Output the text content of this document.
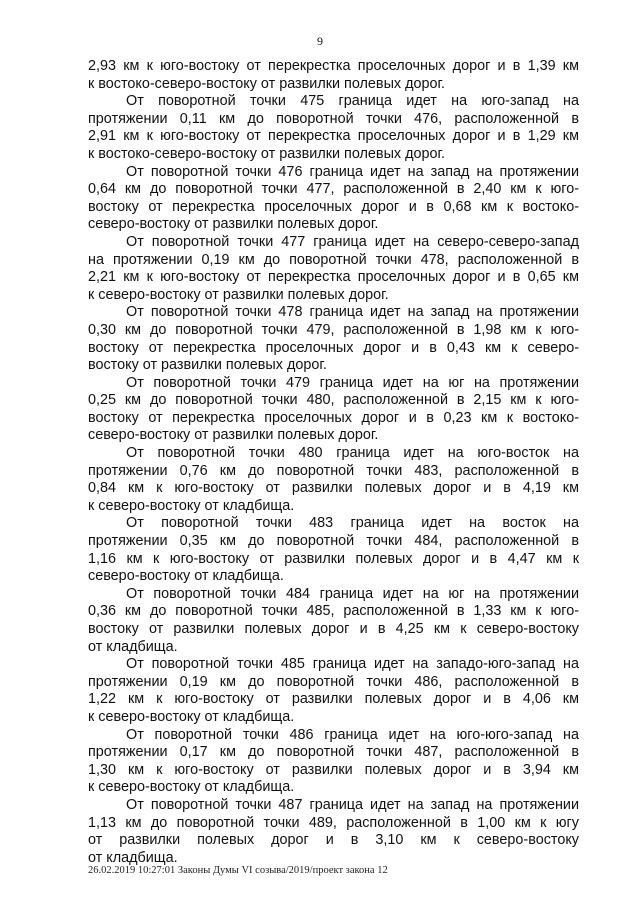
9
2,93 км к юго-востоку от перекрестка проселочных дорог и в 1,39 км
к востоко-северо-востоку от развилки полевых дорог.
От поворотной точки 475 граница идет на юго-запад на
протяжении 0,11 км до поворотной точки 476, расположенной в
2,91 км к юго-востоку от перекрестка проселочных дорог и в 1,29 км
к востоко-северо-востоку от развилки полевых дорог.
От поворотной точки 476 граница идет на запад на протяжении
0,64 км до поворотной точки 477, расположенной в 2,40 км к юго-
востоку от перекрестка проселочных дорог и в 0,68 км к востоко-
северо-востоку от развилки полевых дорог.
От поворотной точки 477 граница идет на северо-северо-запад
на протяжении 0,19 км до поворотной точки 478, расположенной в
2,21 км к юго-востоку от перекрестка проселочных дорог и в 0,65 км
к северо-востоку от развилки полевых дорог.
От поворотной точки 478 граница идет на запад на протяжении
0,30 км до поворотной точки 479, расположенной в 1,98 км к юго-
востоку от перекрестка проселочных дорог и в 0,43 км к северо-
востоку от развилки полевых дорог.
От поворотной точки 479 граница идет на юг на протяжении
0,25 км до поворотной точки 480, расположенной в 2,15 км к юго-
востоку от перекрестка проселочных дорог и в 0,23 км к востоко-
северо-востоку от развилки полевых дорог.
От поворотной точки 480 граница идет на юго-восток на
протяжении 0,76 км до поворотной точки 483, расположенной в
0,84 км к юго-востоку от развилки полевых дорог и в 4,19 км
к северо-востоку от кладбища.
От поворотной точки 483 граница идет на восток на
протяжении 0,35 км до поворотной точки 484, расположенной в
1,16 км к юго-востоку от развилки полевых дорог и в 4,47 км к
северо-востоку от кладбища.
От поворотной точки 484 граница идет на юг на протяжении
0,36 км до поворотной точки 485, расположенной в 1,33 км к юго-
востоку от развилки полевых дорог и в 4,25 км к северо-востоку
от кладбища.
От поворотной точки 485 граница идет на западо-юго-запад на
протяжении 0,19 км до поворотной точки 486, расположенной в
1,22 км к юго-востоку от развилки полевых дорог и в 4,06 км
к северо-востоку от кладбища.
От поворотной точки 486 граница идет на юго-юго-запад на
протяжении 0,17 км до поворотной точки 487, расположенной в
1,30 км к юго-востоку от развилки полевых дорог и в 3,94 км
к северо-востоку от кладбища.
От поворотной точки 487 граница идет на запад на протяжении
1,13 км до поворотной точки 489, расположенной в 1,00 км к югу
от развилки полевых дорог и в 3,10 км к северо-востоку
от кладбища.
26.02.2019 10:27:01 Законы Думы VI созыва/2019/проект закона 12
